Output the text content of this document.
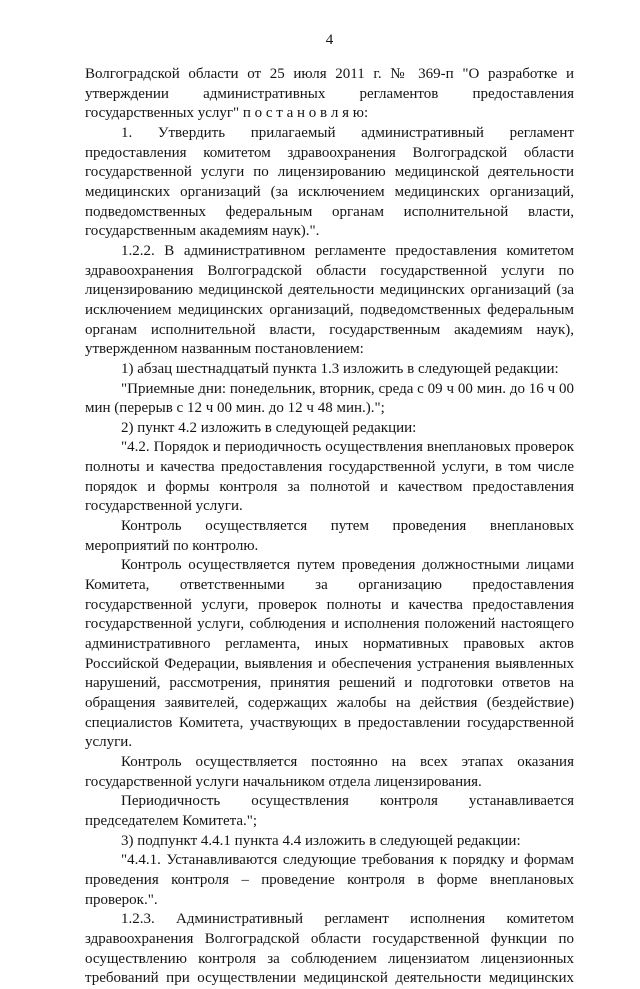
4

Волгоградской области от 25 июля 2011 г. № 369-п "О разработке и утверждении административных регламентов предоставления государственных услуг" п о с т а н о в л я ю:

1. Утвердить прилагаемый административный регламент предоставления комитетом здравоохранения Волгоградской области государственной услуги по лицензированию медицинской деятельности медицинских организаций (за исключением медицинских организаций, подведомственных федеральным органам исполнительной власти, государственным академиям наук).".

1.2.2. В административном регламенте предоставления комитетом здравоохранения Волгоградской области государственной услуги по лицензированию медицинской деятельности медицинских организаций (за исключением медицинских организаций, подведомственных федеральным органам исполнительной власти, государственным академиям наук), утвержденном названным постановлением:

1) абзац шестнадцатый пункта 1.3 изложить в следующей редакции:

"Приемные дни: понедельник, вторник, среда с 09 ч 00 мин. до 16 ч 00 мин (перерыв с 12 ч 00 мин. до 12 ч 48 мин.).";

2) пункт 4.2 изложить в следующей редакции:

"4.2. Порядок и периодичность осуществления внеплановых проверок полноты и качества предоставления государственной услуги, в том числе порядок и формы контроля за полнотой и качеством предоставления государственной услуги.

Контроль осуществляется путем проведения внеплановых мероприятий по контролю.

Контроль осуществляется путем проведения должностными лицами Комитета, ответственными за организацию предоставления государственной услуги, проверок полноты и качества предоставления государственной услуги, соблюдения и исполнения положений настоящего административного регламента, иных нормативных правовых актов Российской Федерации, выявления и обеспечения устранения выявленных нарушений, рассмотрения, принятия решений и подготовки ответов на обращения заявителей, содержащих жалобы на действия (бездействие) специалистов Комитета, участвующих в предоставлении государственной услуги.

Контроль осуществляется постоянно на всех этапах оказания государственной услуги начальником отдела лицензирования.

Периодичность осуществления контроля устанавливается председателем Комитета.";

3) подпункт 4.4.1 пункта 4.4 изложить в следующей редакции:

"4.4.1. Устанавливаются следующие требования к порядку и формам проведения контроля – проведение контроля в форме внеплановых проверок.".

1.2.3. Административный регламент исполнения комитетом здравоохранения Волгоградской области государственной функции по осуществлению контроля за соблюдением лицензиатом лицензионных требований при осуществлении медицинской деятельности медицинских
